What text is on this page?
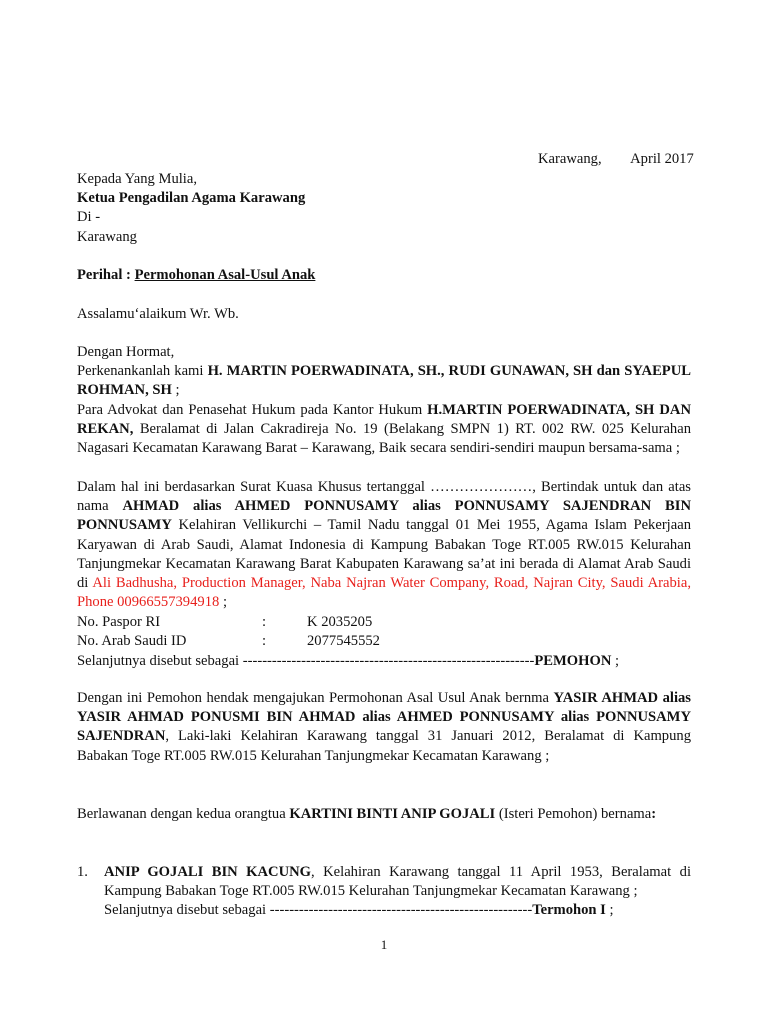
Karawang, April 2017
Kepada Yang Mulia,
Ketua Pengadilan Agama Karawang
Di -
Karawang
Perihal : Permohonan Asal-Usul Anak
Assalamu‘alaikum Wr. Wb.
Dengan Hormat,
Perkenankanlah kami H. MARTIN POERWADINATA, SH., RUDI GUNAWAN, SH dan SYAEPUL ROHMAN, SH ;
Para Advokat dan Penasehat Hukum pada Kantor Hukum H.MARTIN POERWADINATA, SH DAN REKAN, Beralamat di Jalan Cakradireja No. 19 (Belakang SMPN 1) RT. 002 RW. 025 Kelurahan Nagasari Kecamatan Karawang Barat – Karawang, Baik secara sendiri-sendiri maupun bersama-sama ;
Dalam hal ini berdasarkan Surat Kuasa Khusus tertanggal …………………, Bertindak untuk dan atas nama AHMAD alias AHMED PONNUSAMY alias PONNUSAMY SAJENDRAN BIN PONNUSAMY Kelahiran Vellikurchi – Tamil Nadu tanggal 01 Mei 1955, Agama Islam Pekerjaan Karyawan di Arab Saudi, Alamat Indonesia di Kampung Babakan Toge RT.005 RW.015 Kelurahan Tanjungmekar Kecamatan Karawang Barat Kabupaten Karawang sa’at ini berada di Alamat Arab Saudi di Ali Badhusha, Production Manager, Naba Najran Water Company, Road, Najran City, Saudi Arabia, Phone 00966557394918 ;
No. Paspor RI	:	K 2035205
No. Arab Saudi ID	:	2077545552
Selanjutnya disebut sebagai ------------------------------------------------------------PEMOHON ;
Dengan ini Pemohon hendak mengajukan Permohonan Asal Usul Anak bernma YASIR AHMAD alias YASIR AHMAD PONUSMI BIN AHMAD alias AHMED PONNUSAMY alias PONNUSAMY SAJENDRAN, Laki-laki Kelahiran Karawang tanggal 31 Januari 2012, Beralamat di Kampung Babakan Toge RT.005 RW.015 Kelurahan Tanjungmekar Kecamatan Karawang ;
Berlawanan dengan kedua orangtua KARTINI BINTI ANIP GOJALI (Isteri Pemohon) bernama:
1. ANIP GOJALI BIN KACUNG, Kelahiran Karawang tanggal 11 April 1953, Beralamat di Kampung Babakan Toge RT.005 RW.015 Kelurahan Tanjungmekar Kecamatan Karawang ;
Selanjutnya disebut sebagai ------------------------------------------------------Termohon I ;
1
